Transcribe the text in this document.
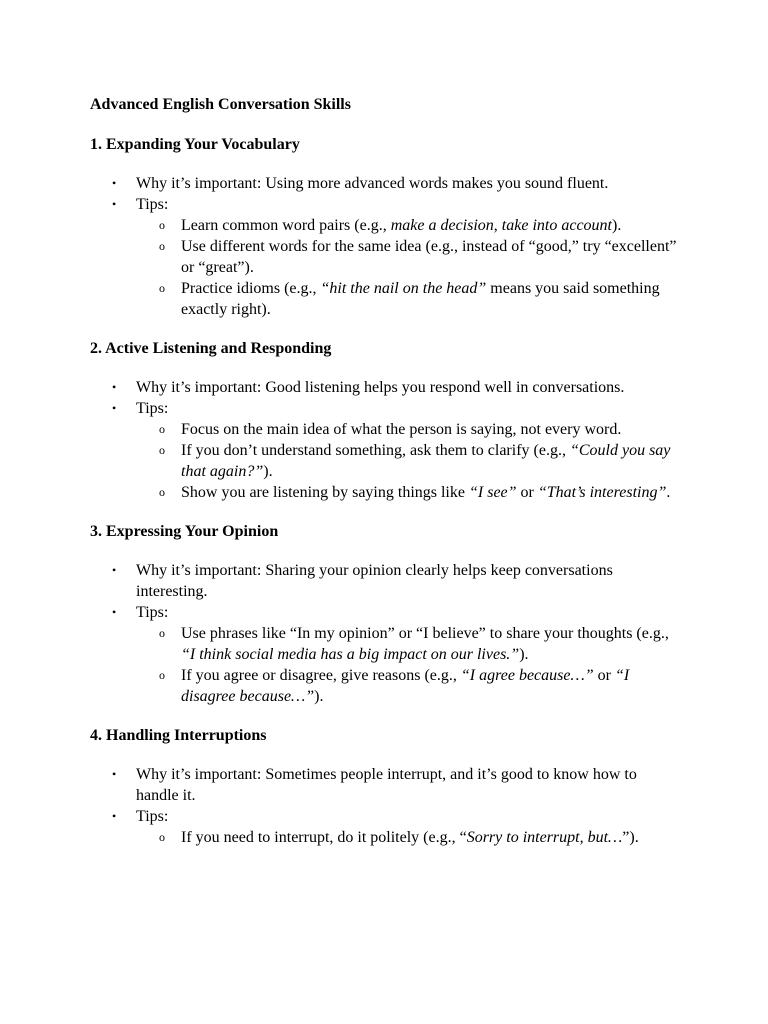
Advanced English Conversation Skills

1. Expanding Your Vocabulary

• Why it’s important: Using more advanced words makes you sound fluent.
• Tips:
o Learn common word pairs (e.g., make a decision, take into account).
o Use different words for the same idea (e.g., instead of “good,” try “excellent” or “great”).
o Practice idioms (e.g., “hit the nail on the head” means you said something exactly right).

2. Active Listening and Responding

• Why it’s important: Good listening helps you respond well in conversations.
• Tips:
o Focus on the main idea of what the person is saying, not every word.
o If you don’t understand something, ask them to clarify (e.g., “Could you say that again?”).
o Show you are listening by saying things like “I see” or “That’s interesting”.

3. Expressing Your Opinion

• Why it’s important: Sharing your opinion clearly helps keep conversations interesting.
• Tips:
o Use phrases like “In my opinion” or “I believe” to share your thoughts (e.g., “I think social media has a big impact on our lives.”).
o If you agree or disagree, give reasons (e.g., “I agree because…” or “I disagree because…”).

4. Handling Interruptions

• Why it’s important: Sometimes people interrupt, and it’s good to know how to handle it.
• Tips:
o If you need to interrupt, do it politely (e.g., “Sorry to interrupt, but…”).
